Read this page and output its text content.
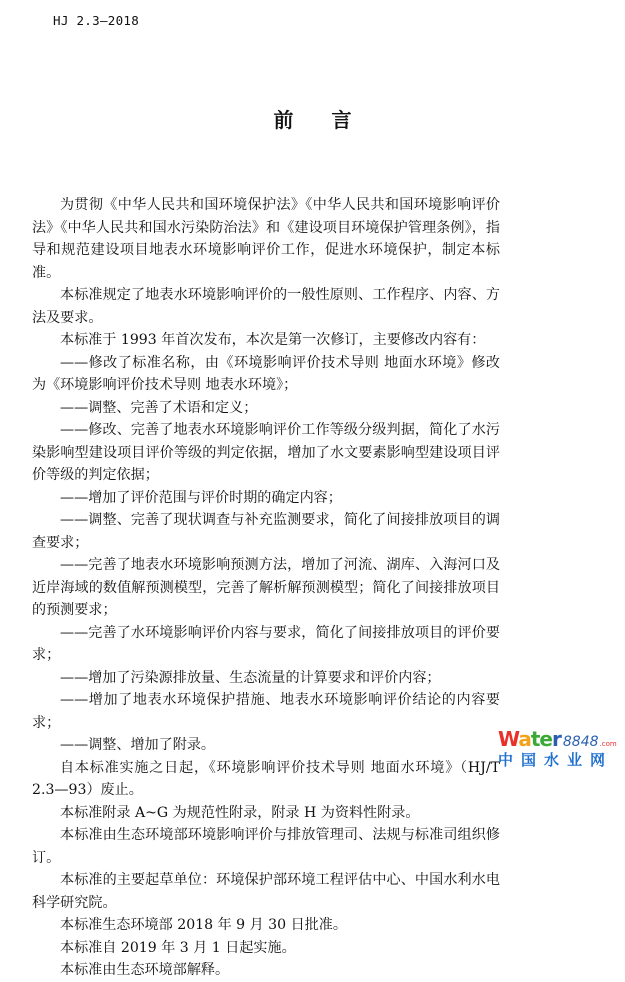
HJ 2.3—2018
前言

为贯彻《中华人民共和国环境保护法》《中华人民共和国环境影响评价法》《中华人民共和国水污染防治法》和《建设项目环境保护管理条例》，指导和规范建设项目地表水环境影响评价工作，促进水环境保护，制定本标准。

本标准规定了地表水环境影响评价的一般性原则、工作程序、内容、方法及要求。

本标准于 1993 年首次发布，本次是第一次修订，主要修改内容有：

——修改了标准名称，由《环境影响评价技术导则 地面水环境》修改为《环境影响评价技术导则 地表水环境》；

——调整、完善了术语和定义；

——修改、完善了地表水环境影响评价工作等级分级判据，简化了水污染影响型建设项目评价等级的判定依据，增加了水文要素影响型建设项目评价等级的判定依据；

——增加了评价范围与评价时期的确定内容；

——调整、完善了现状调查与补充监测要求，简化了间接排放项目的调查要求；

——完善了地表水环境影响预测方法，增加了河流、湖库、入海河口及近岸海域的数值解预测模型，完善了解析解预测模型；简化了间接排放项目的预测要求；

——完善了水环境影响评价内容与要求，简化了间接排放项目的评价要求；

——增加了污染源排放量、生态流量的计算要求和评价内容；

——增加了地表水环境保护措施、地表水环境影响评价结论的内容要求；

——调整、增加了附录。

自本标准实施之日起，《环境影响评价技术导则 地面水环境》（HJ/T 2.3—93）废止。

本标准附录 A~G 为规范性附录，附录 H 为资料性附录。

本标准由生态环境部环境影响评价与排放管理司、法规与标准司组织修订。

本标准的主要起草单位：环境保护部环境工程评估中心、中国水利水电科学研究院。

本标准生态环境部 2018 年 9 月 30 日批准。

本标准自 2019 年 3 月 1 日起实施。

本标准由生态环境部解释。

Water 8848 .com
中国水业网
